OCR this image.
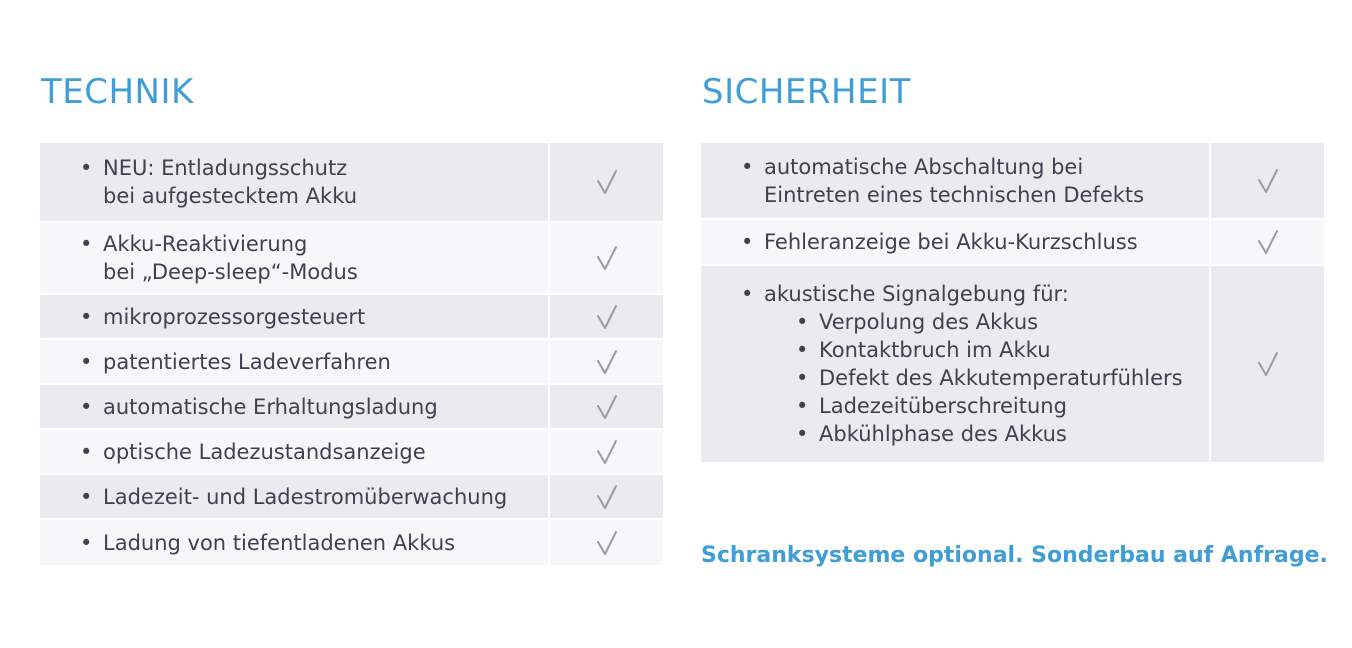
TECHNIK
• NEU: Entladungsschutz
bei aufgestecktem Akku
• Akku-Reaktivierung
bei „Deep-sleep“-Modus
• mikroprozessorgesteuert
• patentiertes Ladeverfahren
• automatische Erhaltungsladung
• optische Ladezustandsanzeige
• Ladezeit- und Ladestromüberwachung
• Ladung von tiefentladenen Akkus
SICHERHEIT
• automatische Abschaltung bei
Eintreten eines technischen Defekts
• Fehleranzeige bei Akku-Kurzschluss
• akustische Signalgebung für:
• Verpolung des Akkus
• Kontaktbruch im Akku
• Defekt des Akkutemperaturfühlers
• Ladezeitüberschreitung
• Abkühlphase des Akkus
Schranksysteme optional. Sonderbau auf Anfrage.
